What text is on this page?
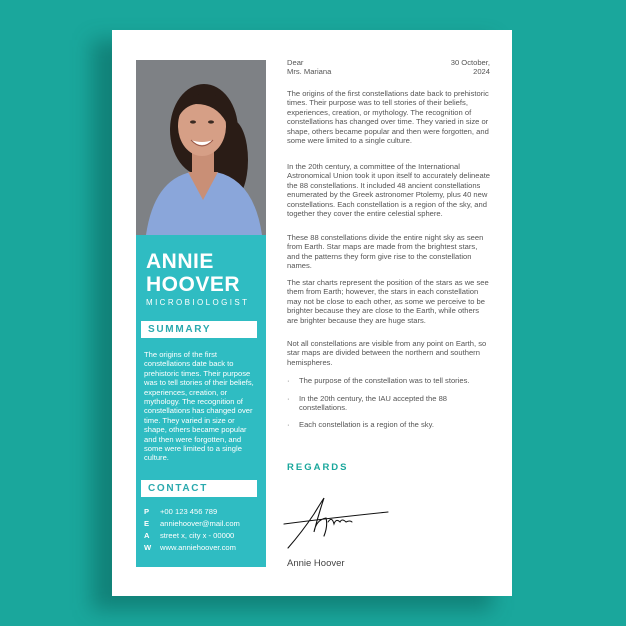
ANNIE
HOOVER
MICROBIOLOGIST
SUMMARY
The origins of the first constellations date back to prehistoric times. Their purpose was to tell stories of their beliefs, experiences, creation, or mythology. The recognition of constellations has changed over time. They varied in size or shape, others became popular and then were forgotten, and some were limited to a single culture.
CONTACT
P +00 123 456 789
E anniehoover@mail.com
A street x, city x - 00000
W www.anniehoover.com
Dear
Mrs. Mariana
30 October,
2024

The origins of the first constellations date back to prehistoric times. Their purpose was to tell stories of their beliefs, experiences, creation, or mythology. The recognition of constellations has changed over time. They varied in size or shape, others became popular and then were forgotten, and some were limited to a single culture.

In the 20th century, a committee of the International Astronomical Union took it upon itself to accurately delineate the 88 constellations. It included 48 ancient constellations enumerated by the Greek astronomer Ptolemy, plus 40 new constellations. Each constellation is a region of the sky, and together they cover the entire celestial sphere.

These 88 constellations divide the entire night sky as seen from Earth. Star maps are made from the brightest stars, and the patterns they form give rise to the constellation names.

The star charts represent the position of the stars as we see them from Earth; however, the stars in each constellation may not be close to each other, as some we perceive to be brighter because they are close to the Earth, while others are brighter because they are huge stars.

Not all constellations are visible from any point on Earth, so star maps are divided between the northern and southern hemispheres.

· The purpose of the constellation was to tell stories.
· In the 20th century, the IAU accepted the 88 constellations.
· Each constellation is a region of the sky.
REGARDS
Annie Hoover
